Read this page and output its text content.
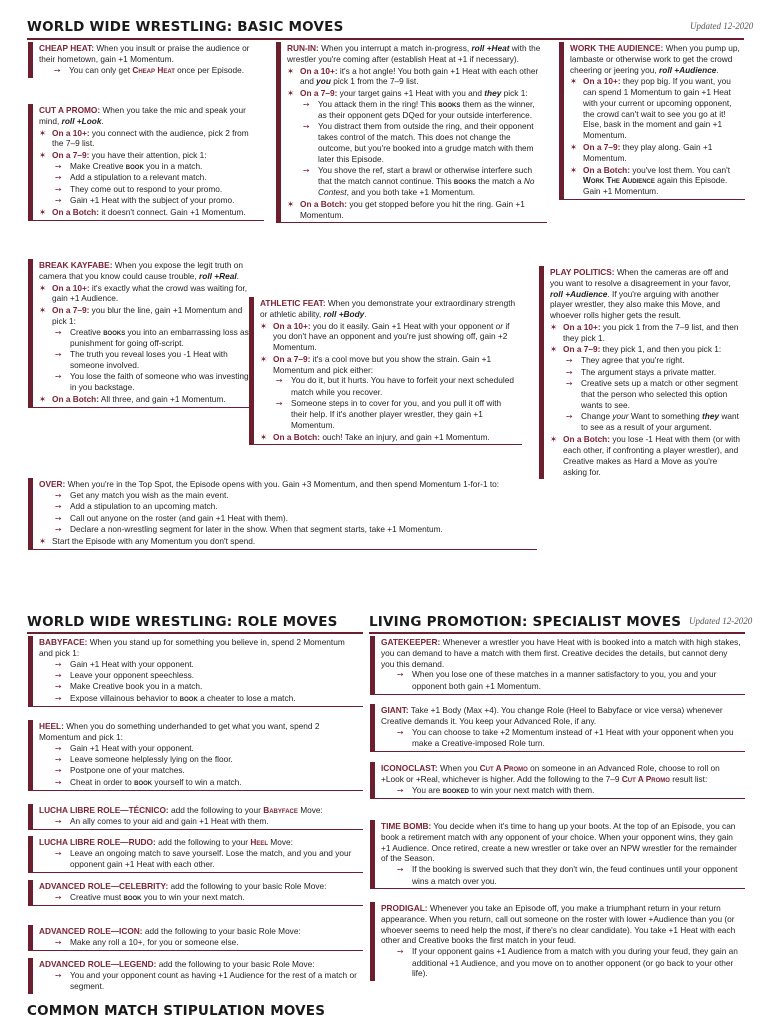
WORLD WIDE WRESTLING: BASIC MOVES	Updated 12-2020
CHEAP HEAT: When you insult or praise the audience or their hometown, gain +1 Momentum.
➙ You can only get Cheap Heat once per Episode.
CUT A PROMO: When you take the mic and speak your mind, roll +Look.
✶ On a 10+: you connect with the audience, pick 2 from the 7–9 list.
✶ On a 7–9: you have their attention, pick 1:
➙ Make Creative book you in a match.
➙ Add a stipulation to a relevant match.
➙ They come out to respond to your promo.
➙ Gain +1 Heat with the subject of your promo.
✶ On a Botch: it doesn't connect. Gain +1 Momentum.
BREAK KAYFABE: When you expose the legit truth on camera that you know could cause trouble, roll +Real.
✶ On a 10+: it's exactly what the crowd was waiting for, gain +1 Audience.
✶ On a 7–9: you blur the line, gain +1 Momentum and pick 1:
➙ Creative books you into an embarrassing loss as punishment for going off-script.
➙ The truth you reveal loses you -1 Heat with someone involved.
➙ You lose the faith of someone who was investing in you backstage.
✶ On a Botch: All three, and gain +1 Momentum.
RUN-IN: When you interrupt a match in-progress, roll +Heat with the wrestler you're coming after (establish Heat at +1 if necessary).
✶ On a 10+: it's a hot angle! You both gain +1 Heat with each other and you pick 1 from the 7–9 list.
✶ On a 7–9: your target gains +1 Heat with you and they pick 1:
➙ You attack them in the ring! This books them as the winner, as their opponent gets DQed for your outside interference.
➙ You distract them from outside the ring, and their opponent takes control of the match. This does not change the outcome, but you're booked into a grudge match with them later this Episode.
➙ You shove the ref, start a brawl or otherwise interfere such that the match cannot continue. This books the match a No Contest, and you both take +1 Momentum.
✶ On a Botch: you get stopped before you hit the ring. Gain +1 Momentum.
ATHLETIC FEAT: When you demonstrate your extraordinary strength or athletic ability, roll +Body.
✶ On a 10+: you do it easily. Gain +1 Heat with your opponent or if you don't have an opponent and you're just showing off, gain +2 Momentum.
✶ On a 7–9: it's a cool move but you show the strain. Gain +1 Momentum and pick either:
➙ You do it, but it hurts. You have to forfeit your next scheduled match while you recover.
➙ Someone steps in to cover for you, and you pull it off with their help. If it's another player wrestler, they gain +1 Momentum.
✶ On a Botch: ouch! Take an injury, and gain +1 Momentum.
WORK THE AUDIENCE: When you pump up, lambaste or otherwise work to get the crowd cheering or jeering you, roll +Audience.
✶ On a 10+: they pop big. If you want, you can spend 1 Momentum to gain +1 Heat with your current or upcoming opponent, the crowd can't wait to see you go at it! Else, bask in the moment and gain +1 Momentum.
✶ On a 7–9: they play along. Gain +1 Momentum.
✶ On a Botch: you've lost them. You can't Work The Audience again this Episode. Gain +1 Momentum.
PLAY POLITICS: When the cameras are off and you want to resolve a disagreement in your favor, roll +Audience. If you're arguing with another player wrestler, they also make this Move, and whoever rolls higher gets the result.
✶ On a 10+: you pick 1 from the 7–9 list, and then they pick 1.
✶ On a 7–9: they pick 1, and then you pick 1:
➙ They agree that you're right.
➙ The argument stays a private matter.
➙ Creative sets up a match or other segment that the person who selected this option wants to see.
➙ Change your Want to something they want to see as a result of your argument.
✶ On a Botch: you lose -1 Heat with them (or with each other, if confronting a player wrestler), and Creative makes as Hard a Move as you're asking for.
OVER: When you're in the Top Spot, the Episode opens with you. Gain +3 Momentum, and then spend Momentum 1-for-1 to:
➙ Get any match you wish as the main event.
➙ Add a stipulation to an upcoming match.
➙ Call out anyone on the roster (and gain +1 Heat with them).
➙ Declare a non-wrestling segment for later in the show. When that segment starts, take +1 Momentum.
✶ Start the Episode with any Momentum you don't spend.
WORLD WIDE WRESTLING: ROLE MOVES
BABYFACE: When you stand up for something you believe in, spend 2 Momentum and pick 1:
➙ Gain +1 Heat with your opponent.
➙ Leave your opponent speechless.
➙ Make Creative book you in a match.
➙ Expose villainous behavior to book a cheater to lose a match.
HEEL: When you do something underhanded to get what you want, spend 2 Momentum and pick 1:
➙ Gain +1 Heat with your opponent.
➙ Leave someone helplessly lying on the floor.
➙ Postpone one of your matches.
➙ Cheat in order to book yourself to win a match.
LUCHA LIBRE ROLE—TÉCNICO: add the following to your Babyface Move:
➙ An ally comes to your aid and gain +1 Heat with them.
LUCHA LIBRE ROLE—RUDO: add the following to your Heel Move:
➙ Leave an ongoing match to save yourself. Lose the match, and you and your opponent gain +1 Heat with each other.
ADVANCED ROLE—CELEBRITY: add the following to your basic Role Move:
➙ Creative must book you to win your next match.
ADVANCED ROLE—ICON: add the following to your basic Role Move:
➙ Make any roll a 10+, for you or someone else.
ADVANCED ROLE—LEGEND: add the following to your basic Role Move:
➙ You and your opponent count as having +1 Audience for the rest of a match or segment.
COMMON MATCH STIPULATION MOVES
LIVING PROMOTION: SPECIALIST MOVES Updated 12-2020
GATEKEEPER: Whenever a wrestler you have Heat with is booked into a match with high stakes, you can demand to have a match with them first. Creative decides the details, but cannot deny you this demand.
➙ When you lose one of these matches in a manner satisfactory to you, you and your opponent both gain +1 Momentum.
GIANT: Take +1 Body (Max +4). You change Role (Heel to Babyface or vice versa) whenever Creative demands it. You keep your Advanced Role, if any.
➙ You can choose to take +2 Momentum instead of +1 Heat with your opponent when you make a Creative-imposed Role turn.
ICONOCLAST: When you Cut A Promo on someone in an Advanced Role, choose to roll on +Look or +Real, whichever is higher. Add the following to the 7–9 Cut A Promo result list:
➙ You are booked to win your next match with them.
TIME BOMB: You decide when it's time to hang up your boots. At the top of an Episode, you can book a retirement match with any opponent of your choice. When your opponent wins, they gain +1 Audience. Once retired, create a new wrestler or take over an NPW wrestler for the remainder of the Season.
➙ If the booking is swerved such that they don't win, the feud continues until your opponent wins a match over you.
PRODIGAL: Whenever you take an Episode off, you make a triumphant return in your return appearance. When you return, call out someone on the roster with lower +Audience than you (or whoever seems to need help the most, if there's no clear candidate). You take +1 Heat with each other and Creative books the first match in your feud.
➙ If your opponent gains +1 Audience from a match with you during your feud, they gain an additional +1 Audience, and you move on to another opponent (or go back to your other life).
